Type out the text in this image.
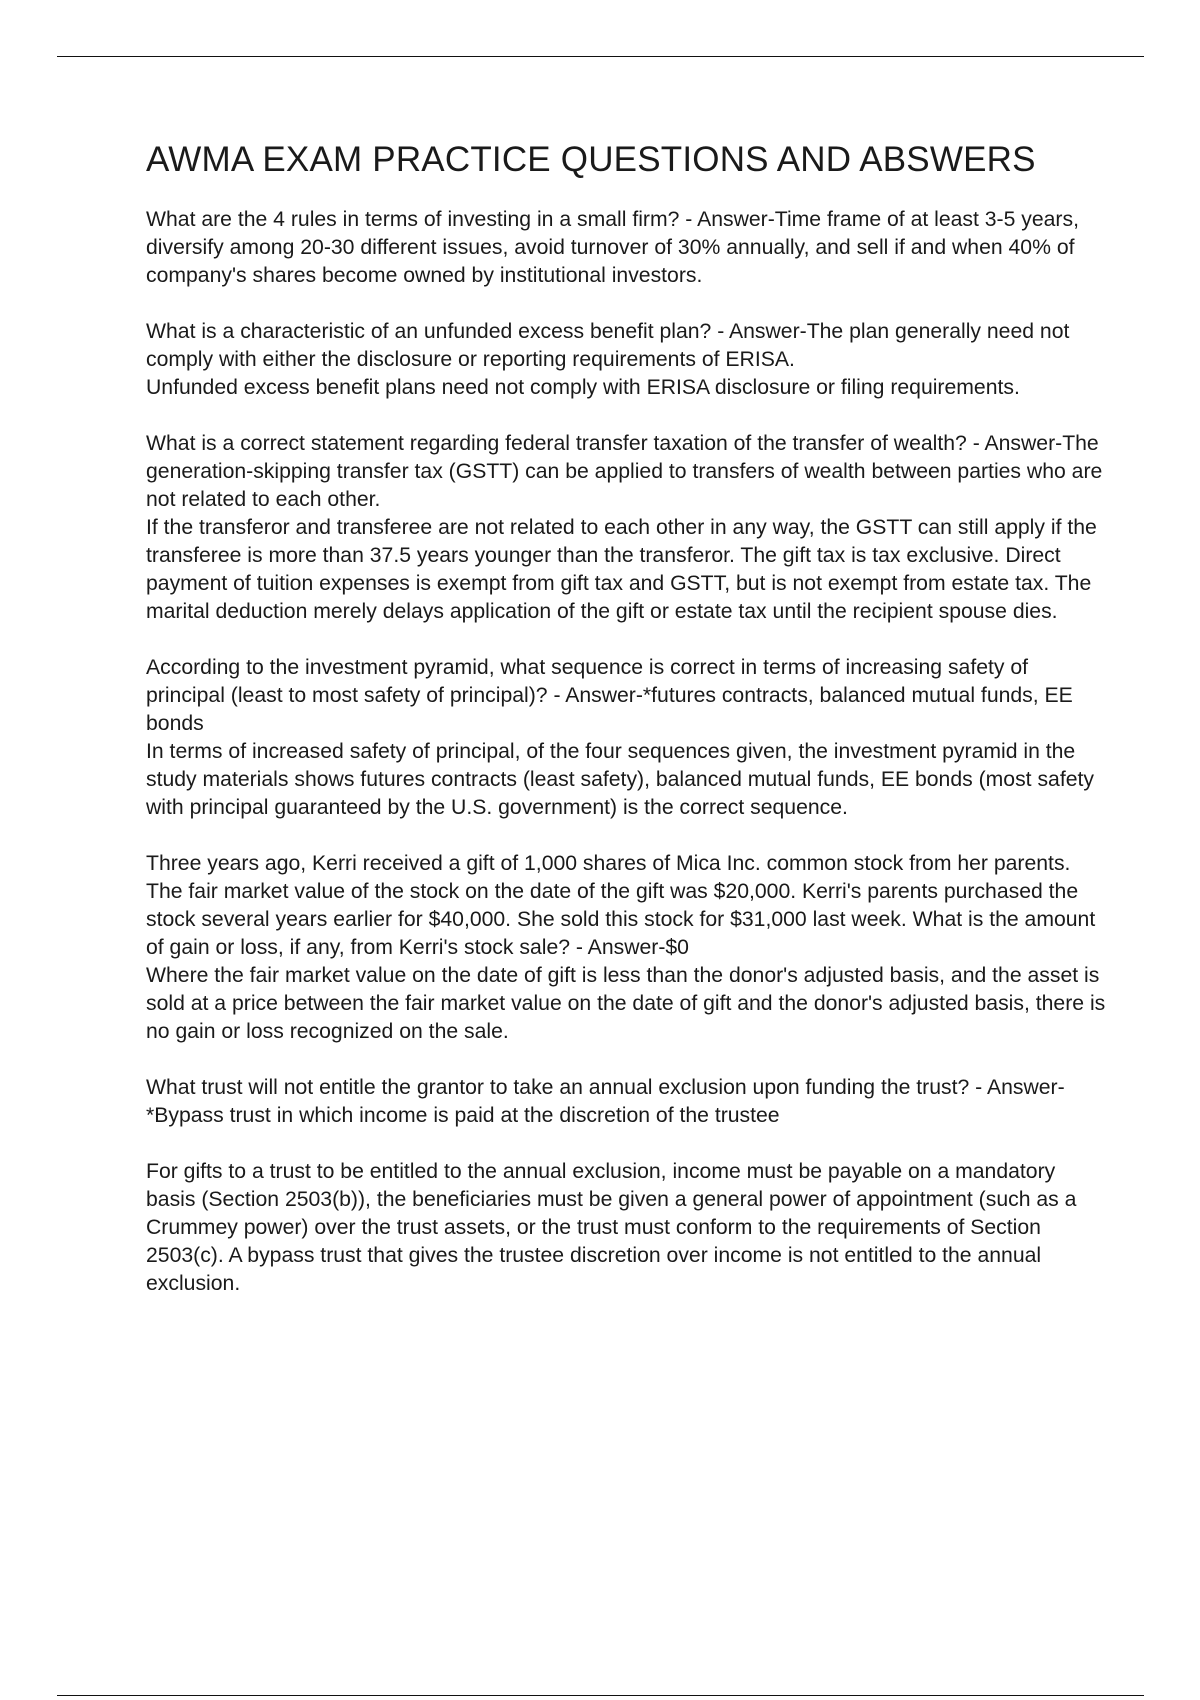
AWMA EXAM PRACTICE QUESTIONS AND ABSWERS

What are the 4 rules in terms of investing in a small firm? - Answer-Time frame of at least 3-5 years, diversify among 20-30 different issues, avoid turnover of 30% annually, and sell if and when 40% of company's shares become owned by institutional investors.

What is a characteristic of an unfunded excess benefit plan? - Answer-The plan generally need not comply with either the disclosure or reporting requirements of ERISA.

Unfunded excess benefit plans need not comply with ERISA disclosure or filing requirements.

What is a correct statement regarding federal transfer taxation of the transfer of wealth? - Answer-The generation-skipping transfer tax (GSTT) can be applied to transfers of wealth between parties who are not related to each other.

If the transferor and transferee are not related to each other in any way, the GSTT can still apply if the transferee is more than 37.5 years younger than the transferor. The gift tax is tax exclusive. Direct payment of tuition expenses is exempt from gift tax and GSTT, but is not exempt from estate tax. The marital deduction merely delays application of the gift or estate tax until the recipient spouse dies.

According to the investment pyramid, what sequence is correct in terms of increasing safety of principal (least to most safety of principal)? - Answer-*futures contracts, balanced mutual funds, EE bonds

In terms of increased safety of principal, of the four sequences given, the investment pyramid in the study materials shows futures contracts (least safety), balanced mutual funds, EE bonds (most safety with principal guaranteed by the U.S. government) is the correct sequence.

Three years ago, Kerri received a gift of 1,000 shares of Mica Inc. common stock from her parents. The fair market value of the stock on the date of the gift was $20,000. Kerri's parents purchased the stock several years earlier for $40,000. She sold this stock for $31,000 last week. What is the amount of gain or loss, if any, from Kerri's stock sale? - Answer-$0

Where the fair market value on the date of gift is less than the donor's adjusted basis, and the asset is sold at a price between the fair market value on the date of gift and the donor's adjusted basis, there is no gain or loss recognized on the sale.

What trust will not entitle the grantor to take an annual exclusion upon funding the trust? - Answer-*Bypass trust in which income is paid at the discretion of the trustee

For gifts to a trust to be entitled to the annual exclusion, income must be payable on a mandatory basis (Section 2503(b)), the beneficiaries must be given a general power of appointment (such as a Crummey power) over the trust assets, or the trust must conform to the requirements of Section 2503(c). A bypass trust that gives the trustee discretion over income is not entitled to the annual exclusion.
